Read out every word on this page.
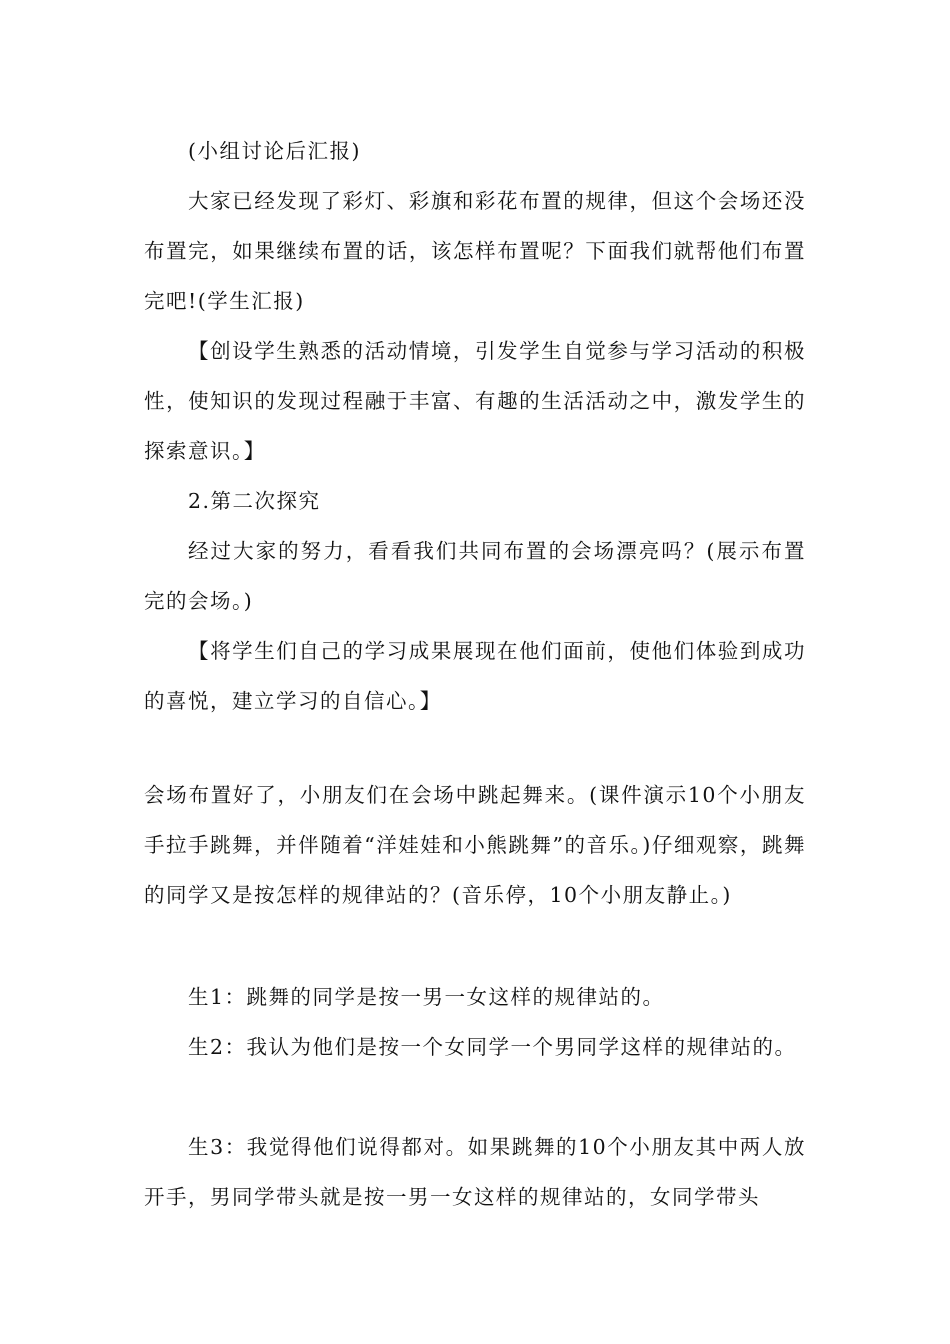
(小组讨论后汇报)

大家已经发现了彩灯、彩旗和彩花布置的规律，但这个会场还没布置完，如果继续布置的话，该怎样布置呢？下面我们就帮他们布置完吧!(学生汇报)

【创设学生熟悉的活动情境，引发学生自觉参与学习活动的积极性，使知识的发现过程融于丰富、有趣的生活活动之中，激发学生的探索意识。】

2.第二次探究

经过大家的努力，看看我们共同布置的会场漂亮吗？(展示布置完的会场。)

【将学生们自己的学习成果展现在他们面前，使他们体验到成功的喜悦，建立学习的自信心。】

会场布置好了，小朋友们在会场中跳起舞来。(课件演示10个小朋友手拉手跳舞，并伴随着“洋娃娃和小熊跳舞”的音乐。)仔细观察，跳舞的同学又是按怎样的规律站的？(音乐停，10个小朋友静止。)

生1：跳舞的同学是按一男一女这样的规律站的。

生2：我认为他们是按一个女同学一个男同学这样的规律站的。

生3：我觉得他们说得都对。如果跳舞的10个小朋友其中两人放开手，男同学带头就是按一男一女这样的规律站的，女同学带头
